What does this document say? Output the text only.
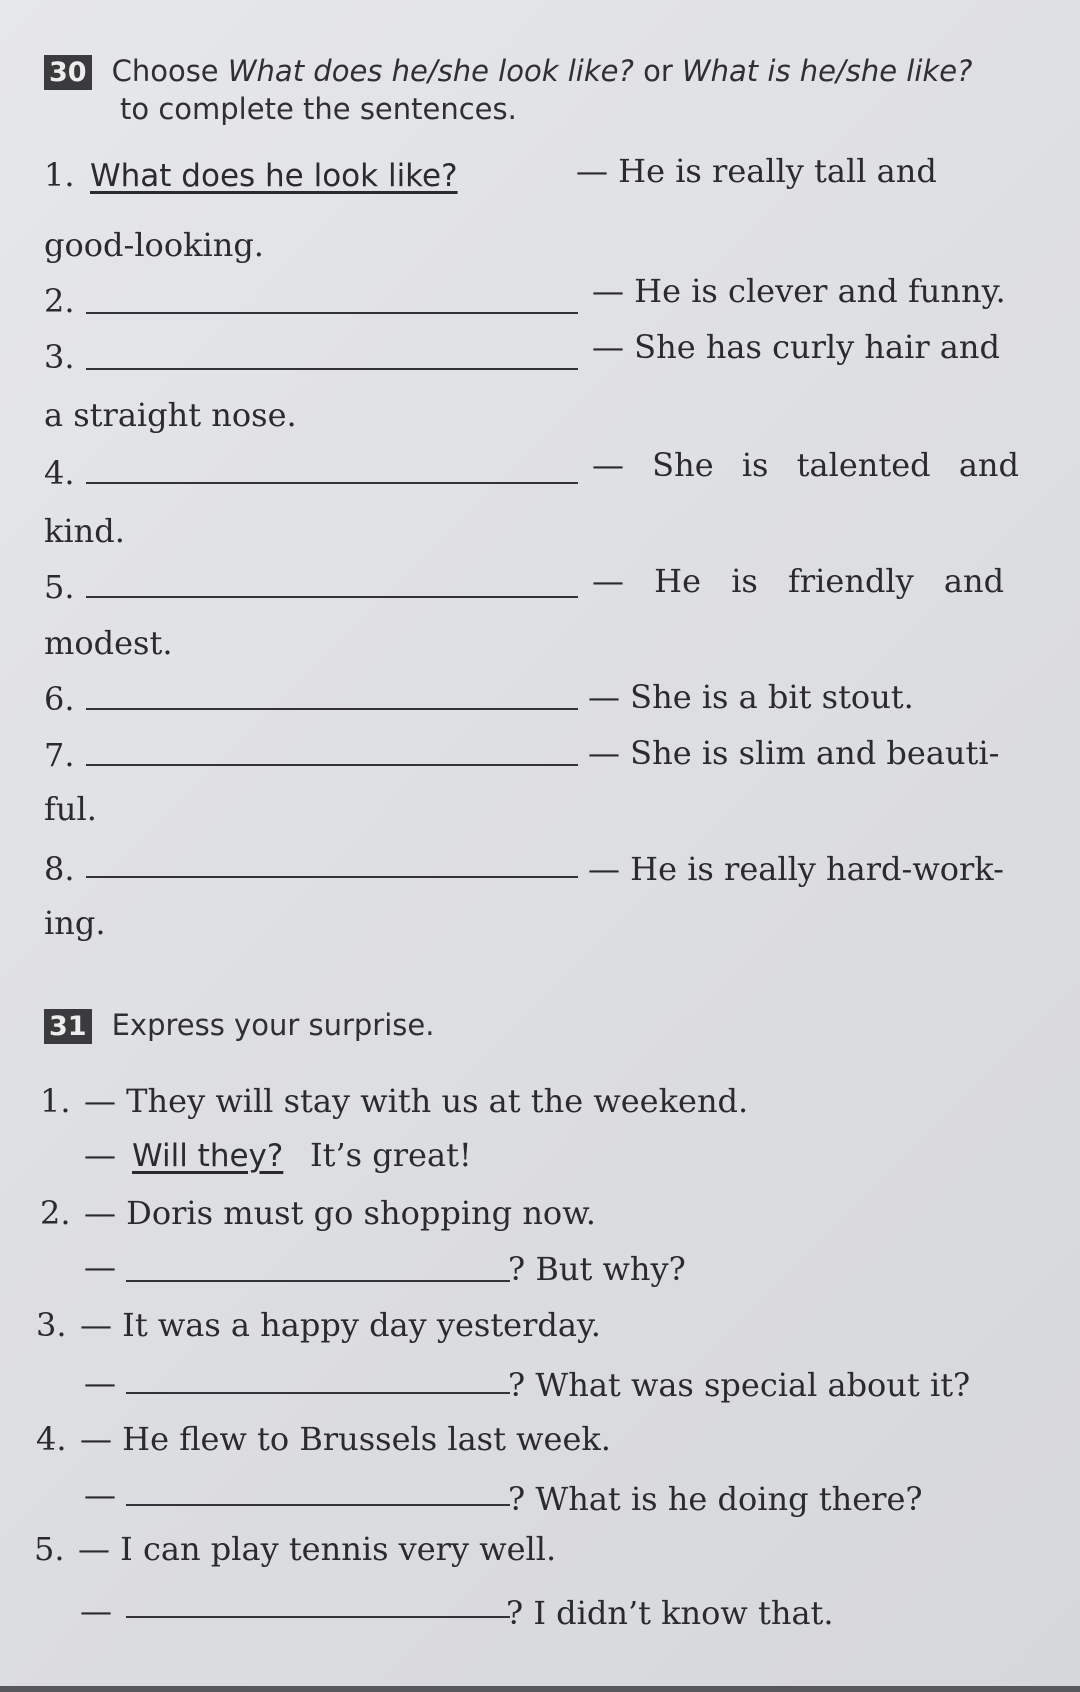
30 Choose What does he/she look like? or What is he/she like?
to complete the sentences.
1. What does he look like?	— He is really tall and
good-looking.
2.	— He is clever and funny.
3.	— She has curly hair and
a straight nose.
4.	— She is talented and
kind.
5.	— He is friendly and
modest.
6.	— She is a bit stout.
7.	— She is slim and beauti-
ful.
8.	— He is really hard-work-
ing.
31 Express your surprise.
1. — They will stay with us at the weekend.
— Will they? It’s great!
2. — Doris must go shopping now.
—	? But why?
3. — It was a happy day yesterday.
—	? What was special about it?
4. — He flew to Brussels last week.
—	? What is he doing there?
5. — I can play tennis very well.
—	? I didn’t know that.
